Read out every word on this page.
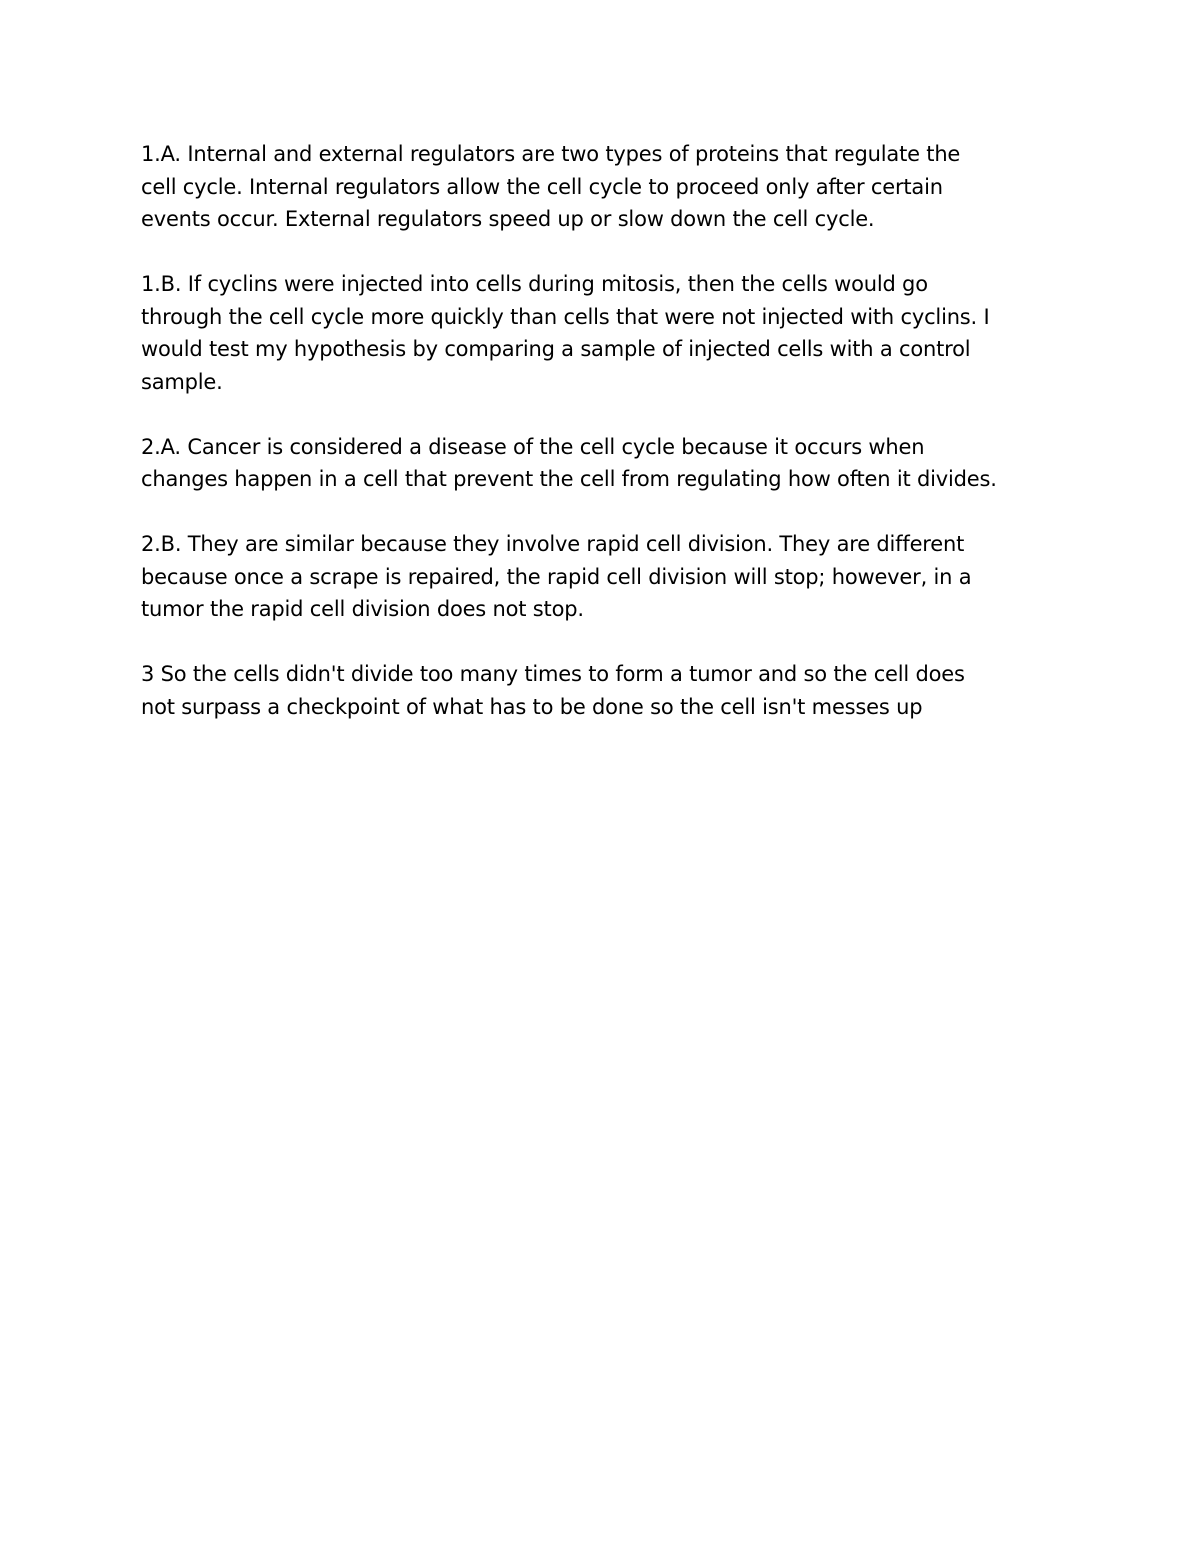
1.A. Internal and external regulators are two types of proteins that regulate the
cell cycle. Internal regulators allow the cell cycle to proceed only after certain
events occur. External regulators speed up or slow down the cell cycle.

1.B. If cyclins were injected into cells during mitosis, then the cells would go
through the cell cycle more quickly than cells that were not injected with cyclins. I
would test my hypothesis by comparing a sample of injected cells with a control
sample.

2.A. Cancer is considered a disease of the cell cycle because it occurs when
changes happen in a cell that prevent the cell from regulating how often it divides.

2.B. They are similar because they involve rapid cell division. They are different
because once a scrape is repaired, the rapid cell division will stop; however, in a
tumor the rapid cell division does not stop.

3 So the cells didn't divide too many times to form a tumor and so the cell does
not surpass a checkpoint of what has to be done so the cell isn't messes up
